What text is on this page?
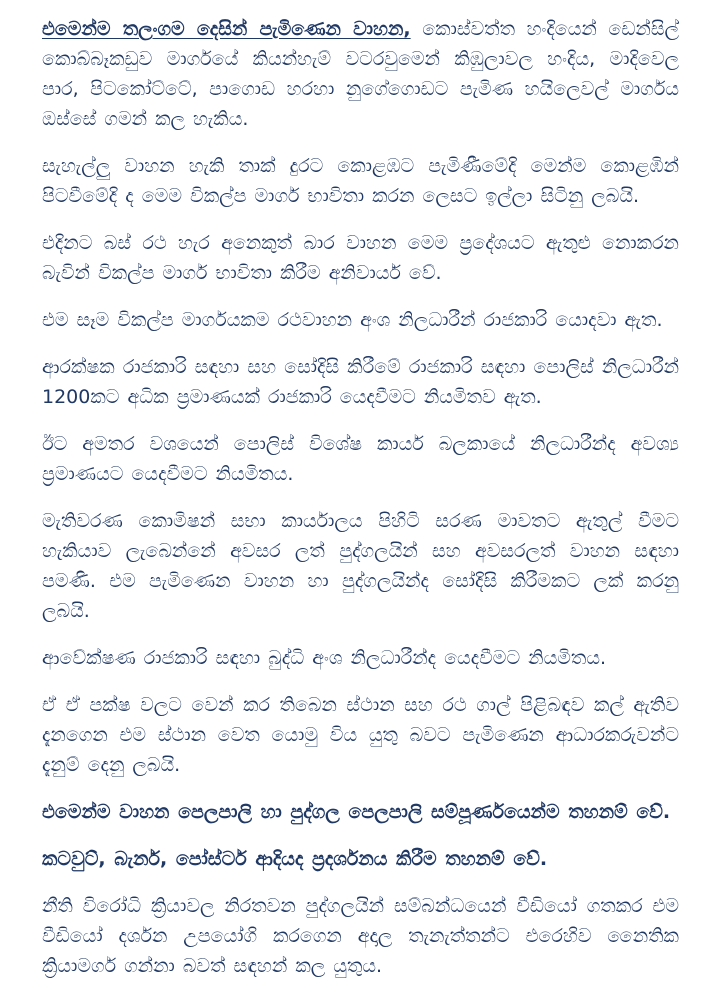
එමෙන්ම තලංගම දෙසින් පැමිණෙන වාහන, කොස්වත්ත හංදියෙන් ඩෙන්සිල් කොබ්බෑකඩුව මාර්ගයේ කියන්හැම් වටරවුමෙන් කිඹුලාවල හංදිය, මාදිවෙල පාර, පිටකෝට්ටේ, පාගොඩ හරහා නුගේගොඩට පැමිණ හයිලෙවල් මාර්ගය ඔස්සේ ගමන් කල හැකිය.

සැහැල්ලු වාහන හැකි තාක් දුරට කොළඹට පැමිණීමේදි මෙන්ම කොළඹින් පිටවීමේදි ද මෙම විකල්ප මාර්ග භාවිතා කරන ලෙසට ඉල්ලා සිටිනු ලබයි.

එදිනට බස් රථ හැර අනෙකුත් බාර වාහන මෙම ප්‍රදේශයට ඇතුළු නොකරන බැවින් විකල්ප මාර්ග භාවිතා කිරීම අනිවාර්ය වේ.

එම සෑම විකල්ප මාර්ගයකම රථවාහන අංශ නිලධාරීන් රාජකාරි යොදවා ඇත.

ආරක්ෂක රාජකාරි සඳහා සහ සෝදිසි කිරීමේ රාජකාරි සඳහා පොලිස් නිලධාරීන් 1200කට අධික ප්‍රමාණයක් රාජකාරි යෙදවීමට නියමිතව ඇත.

ඊට අමතර වශයෙන් පොලිස් විශේෂ කාර්ය බලකායේ නිලධාරීන්ද අවශ්‍ය ප්‍රමාණයට යෙදවීමට නියමිතය.

මැතිවරණ කොමිෂන් සභා කාර්යාලය පිහිටි සරණ මාවතට ඇතුල් වීමට හැකියාව ලැබෙන්නේ අවසර ලත් පුද්ගලයින් සහ අවසරලත් වාහන සඳහා පමණි. එම පැමිණෙන වාහන හා පුද්ගලයින්ද සෝදිසි කිරීමකට ලක් කරනු ලබයි.

ආවේක්ෂණ රාජකාරි සඳහා බුද්ධි අංශ නිලධාරීන්ද යෙදවීමට නියමිතය.

ඒ ඒ පක්ෂ වලට වෙන් කර තිබෙන ස්ථාන සහ රථ ගාල් පිළිබඳව කල් ඇතිව දැනගෙන එම ස්ථාන වෙත යොමු විය යුතු බවට පැමිණෙන ආධාරකරුවන්ට දැනුම් දෙනු ලබයි.

එමෙන්ම වාහන පෙලපාලි හා පුද්ගල පෙලපාලි සම්පූර්ණයෙන්ම තහනම් වේ.

කටවුට්, බැනර්, පෝස්ටර් ආදියද ප්‍රදර්ශනය කිරීම තහනම් වේ.

නීති විරෝධි ක්‍රියාවල නිරතවන පුද්ගලයින් සම්බන්ධයෙන් වීඩියෝ ගතකර එම වීඩියෝ දර්ශන උපයෝගි කරගෙන අදාල තැනැත්තන්ට එරෙහිව නෛතික ක්‍රියාමර්ග ගන්නා බවත් සඳහන් කල යුතුය.
